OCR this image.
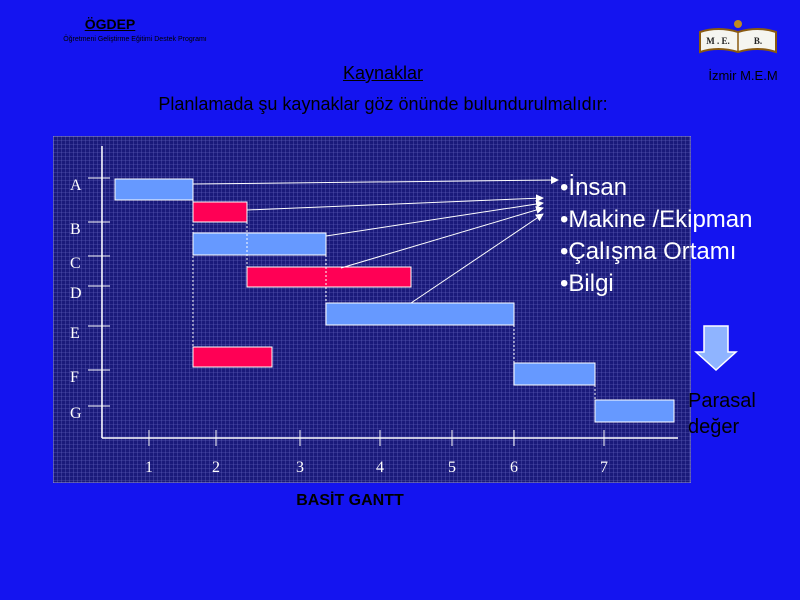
ÖGDEP
Öğretmeni Geliştirme Eğitimi Destek Programı	M . E.	B.
İzmir M.E.M
Kaynaklar
Planlamada şu kaynaklar göz önünde bulundurulmalıdır:
A
B
C
D
E
F
G
1	2	3	4	5	6	7
•İnsan
•Makine /Ekipman
•Çalışma Ortamı
•Bilgi
Parasal
değer
BASİT GANTT
